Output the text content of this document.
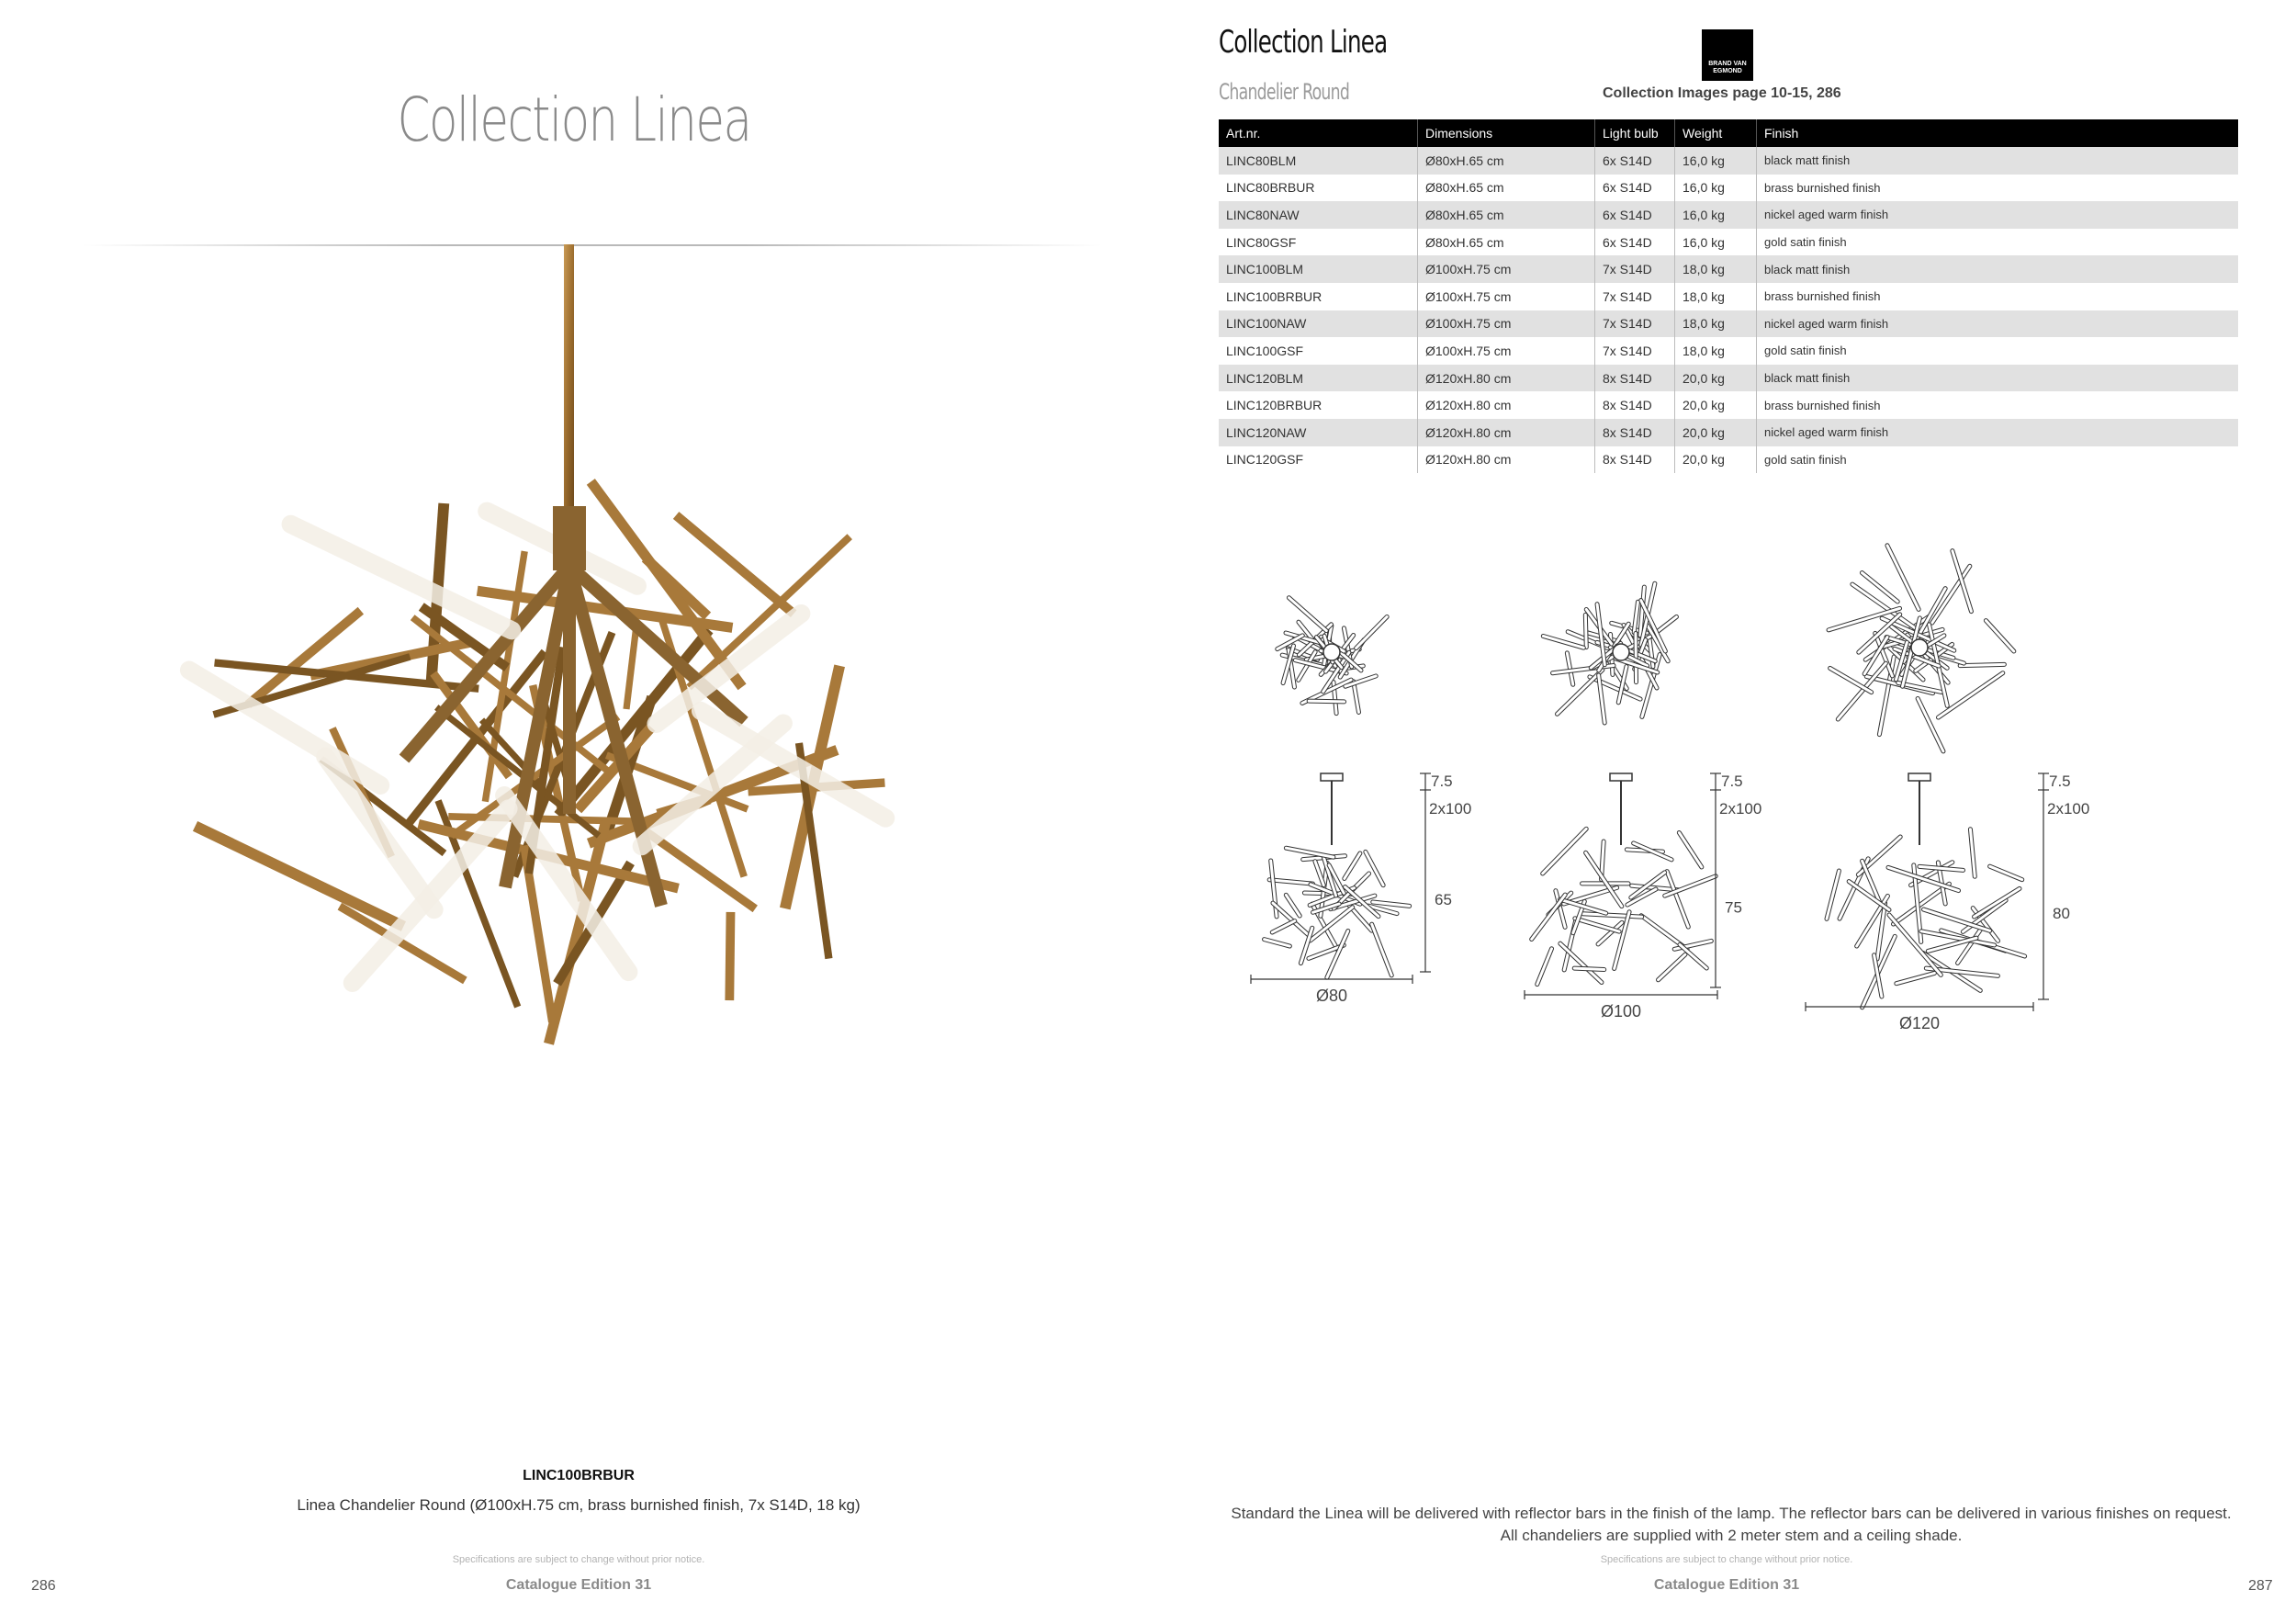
Collection Linea
LINC100BRBUR
Linea Chandelier Round (Ø100xH.75 cm, brass burnished finish, 7x S14D, 18 kg)
Specifications are subject to change without prior notice.
Catalogue Edition 31
286
Collection Linea
Chandelier Round
BRAND VAN
EGMOND
Collection Images page 10-15, 286
Art.nr.	Dimensions	Light bulb	Weight	Finish
LINC80BLM	Ø80xH.65 cm	6x S14D	16,0 kg	black matt finish
LINC80BRBUR	Ø80xH.65 cm	6x S14D	16,0 kg	brass burnished finish
LINC80NAW	Ø80xH.65 cm	6x S14D	16,0 kg	nickel aged warm finish
LINC80GSF	Ø80xH.65 cm	6x S14D	16,0 kg	gold satin finish
LINC100BLM	Ø100xH.75 cm	7x S14D	18,0 kg	black matt finish
LINC100BRBUR	Ø100xH.75 cm	7x S14D	18,0 kg	brass burnished finish
LINC100NAW	Ø100xH.75 cm	7x S14D	18,0 kg	nickel aged warm finish
LINC100GSF	Ø100xH.75 cm	7x S14D	18,0 kg	gold satin finish
LINC120BLM	Ø120xH.80 cm	8x S14D	20,0 kg	black matt finish
LINC120BRBUR	Ø120xH.80 cm	8x S14D	20,0 kg	brass burnished finish
LINC120NAW	Ø120xH.80 cm	8x S14D	20,0 kg	nickel aged warm finish
LINC120GSF	Ø120xH.80 cm	8x S14D	20,0 kg	gold satin finish
7.5
2x100
65
Ø80
7.5
2x100
75
Ø100
7.5
2x100
80
Ø120
Standard the Linea will be delivered with reflector bars in the finish of the lamp. The reflector bars can be delivered in various finishes on request.
All chandeliers are supplied with 2 meter stem and a ceiling shade.
Specifications are subject to change without prior notice.
Catalogue Edition 31	287
